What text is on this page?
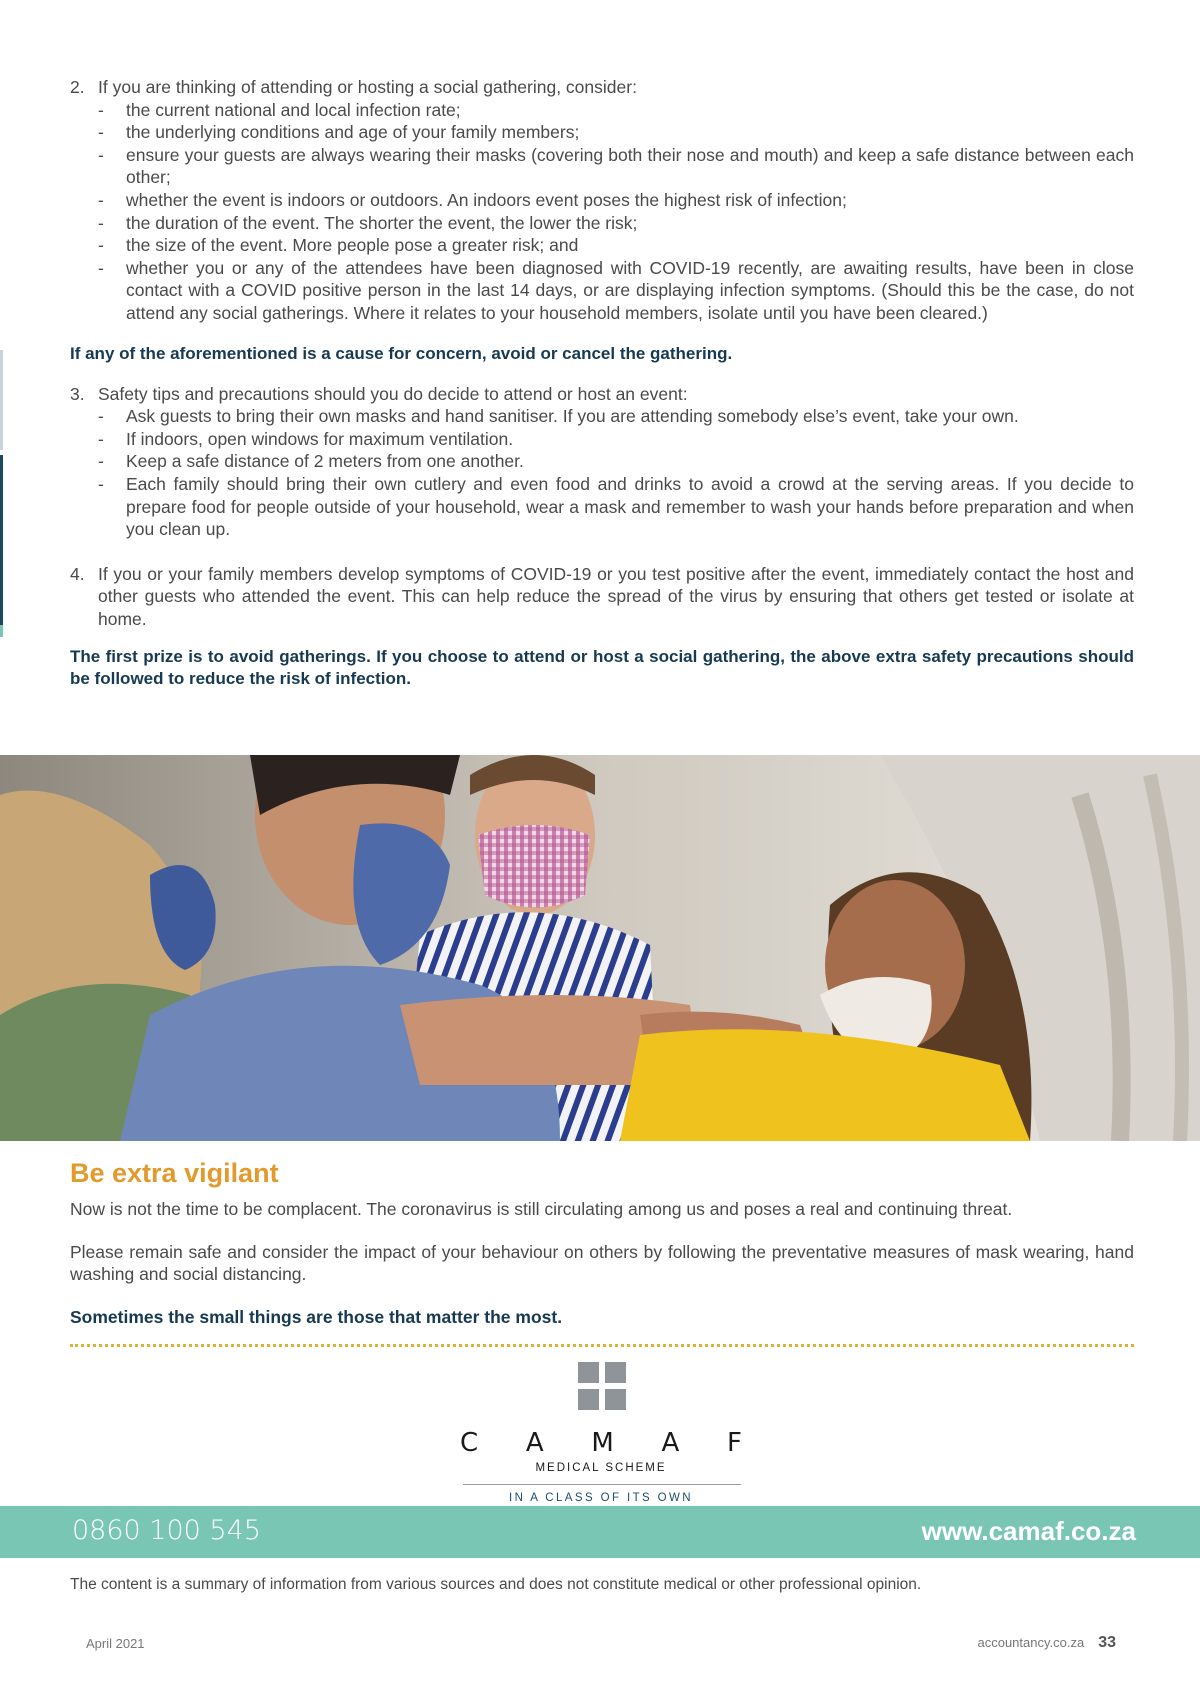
2. If you are thinking of attending or hosting a social gathering, consider:
- the current national and local infection rate;
- the underlying conditions and age of your family members;
- ensure your guests are always wearing their masks (covering both their nose and mouth) and keep a safe distance between each other;
- whether the event is indoors or outdoors. An indoors event poses the highest risk of infection;
- the duration of the event. The shorter the event, the lower the risk;
- the size of the event. More people pose a greater risk; and
- whether you or any of the attendees have been diagnosed with COVID-19 recently, are awaiting results, have been in close contact with a COVID positive person in the last 14 days, or are displaying infection symptoms. (Should this be the case, do not attend any social gatherings. Where it relates to your household members, isolate until you have been cleared.)
If any of the aforementioned is a cause for concern, avoid or cancel the gathering.
3. Safety tips and precautions should you do decide to attend or host an event:
- Ask guests to bring their own masks and hand sanitiser. If you are attending somebody else’s event, take your own.
- If indoors, open windows for maximum ventilation.
- Keep a safe distance of 2 meters from one another.
- Each family should bring their own cutlery and even food and drinks to avoid a crowd at the serving areas. If you decide to prepare food for people outside of your household, wear a mask and remember to wash your hands before preparation and when you clean up.
4. If you or your family members develop symptoms of COVID-19 or you test positive after the event, immediately contact the host and other guests who attended the event. This can help reduce the spread of the virus by ensuring that others get tested or isolate at home.
The first prize is to avoid gatherings. If you choose to attend or host a social gathering, the above extra safety precautions should be followed to reduce the risk of infection.
Be extra vigilant

Now is not the time to be complacent. The coronavirus is still circulating among us and poses a real and continuing threat.

Please remain safe and consider the impact of your behaviour on others by following the preventative measures of mask wearing, hand washing and social distancing.

Sometimes the small things are those that matter the most.

C A M A F
MEDICAL SCHEME
IN A CLASS OF ITS OWN
0860 100 545	www.camaf.co.za
The content is a summary of information from various sources and does not constitute medical or other professional opinion.
April 2021	accountancy.co.za 33
